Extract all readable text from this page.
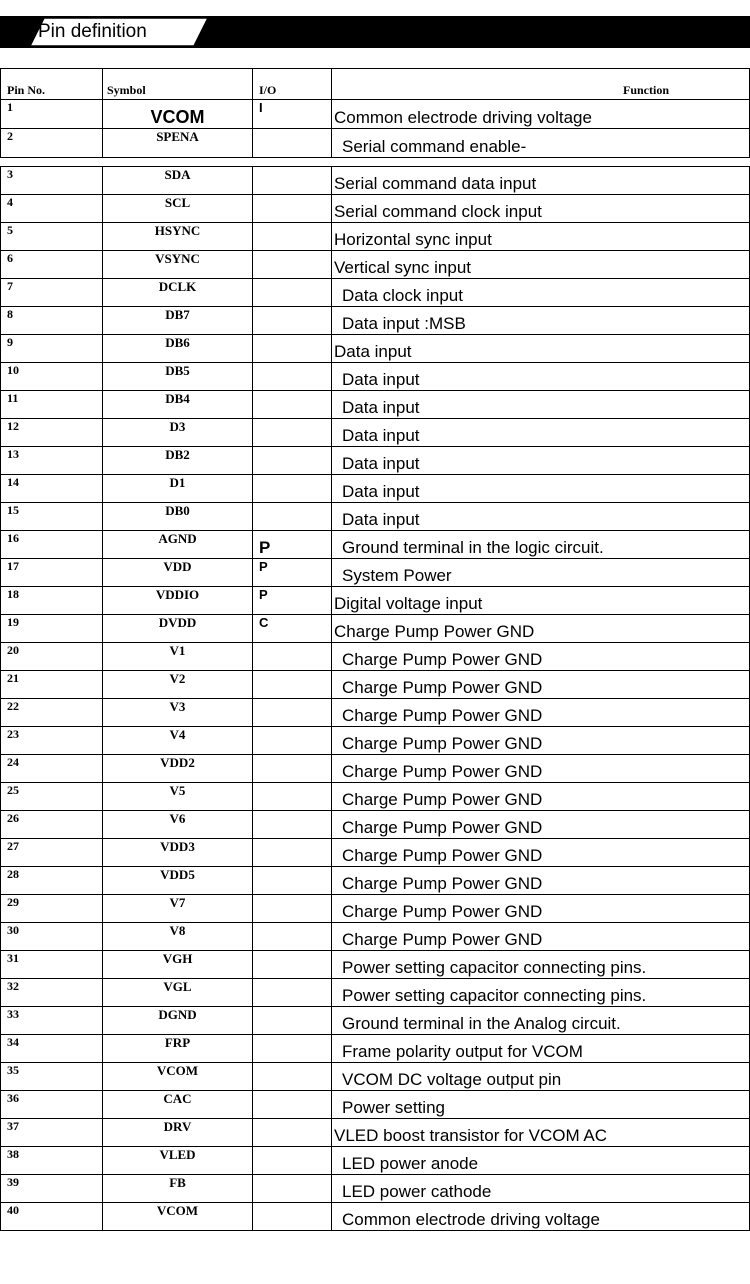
Pin definition
Pin No.	Symbol	I/O	Function
1	VCOM	I	Common electrode driving voltage
2	SPENA		Serial command enable-

3	SDA		Serial command data input
4	SCL		Serial command clock input
5	HSYNC		Horizontal sync input
6	VSYNC		Vertical sync input
7	DCLK		Data clock input
8	DB7		Data input :MSB
9	DB6		Data input
10	DB5		Data input
11	DB4		Data input
12	D3		Data input
13	DB2		Data input
14	D1		Data input
15	DB0		Data input
16	AGND	P	Ground terminal in the logic circuit.
17	VDD	P	System Power
18	VDDIO	P	Digital voltage input
19	DVDD	C	Charge Pump Power GND
20	V1		Charge Pump Power GND
21	V2		Charge Pump Power GND
22	V3		Charge Pump Power GND
23	V4		Charge Pump Power GND
24	VDD2		Charge Pump Power GND
25	V5		Charge Pump Power GND
26	V6		Charge Pump Power GND
27	VDD3		Charge Pump Power GND
28	VDD5		Charge Pump Power GND
29	V7		Charge Pump Power GND
30	V8		Charge Pump Power GND
31	VGH		Power setting capacitor connecting pins.
32	VGL		Power setting capacitor connecting pins.
33	DGND		Ground terminal in the Analog circuit.
34	FRP		Frame polarity output for VCOM
35	VCOM		VCOM DC voltage output pin
36	CAC		Power setting
37	DRV		VLED boost transistor for VCOM AC
38	VLED		LED power anode
39	FB		LED power cathode
40	VCOM		Common electrode driving voltage
